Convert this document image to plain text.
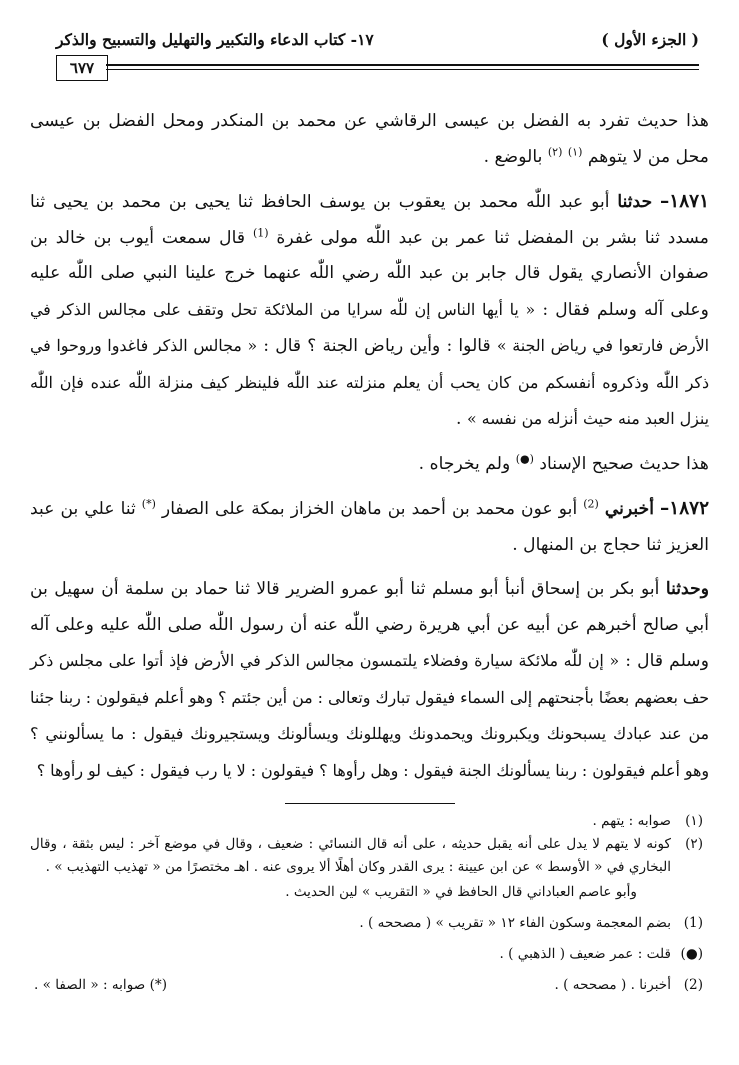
( الجزء الأول )
١٧- كتاب الدعاء والتكبير والتهليل والتسبيح والذكر
٦٧٧

هذا حديث تفرد به الفضل بن عيسى الرقاشي عن محمد بن المنكدر ومحل الفضل بن عيسى محل من لا يتوهم $^{(١)}$ $^{(٢)}$ بالوضع .

١٨٧١– حدثنا أبو عبد اللّٰه محمد بن يعقوب بن يوسف الحافظ ثنا يحيى بن محمد بن يحيى ثنا مسدد ثنا بشر بن المفضل ثنا عمر بن عبد اللّٰه مولى غفرة $^{(1)}$ قال سمعت أيوب بن خالد بن صفوان الأنصاري يقول قال جابر بن عبد اللّٰه رضي اللّٰه عنهما خرج علينا النبي صلى اللّٰه عليه وعلى آله وسلم فقال : « يا أيها الناس إن للّٰه سرايا من الملائكة تحل وتقف على مجالس الذكر في الأرض فارتعوا في رياض الجنة » قالوا : وأين رياض الجنة ؟ قال : « مجالس الذكر فاغدوا وروحوا في ذكر اللّٰه وذكروه أنفسكم من كان يحب أن يعلم منزلته عند اللّٰه فلينظر كيف منزلة اللّٰه عنده فإن اللّٰه ينزل العبد منه حيث أنزله من نفسه » .

هذا حديث صحيح الإسناد (●) ولم يخرجاه .

١٨٧٢– أخبرني $^{(2)}$ أبو عون محمد بن أحمد بن ماهان الخزاز بمكة على الصفار (*) ثنا علي بن عبد العزيز ثنا حجاج بن المنهال .

وحدثنا أبو بكر بن إسحاق أنبأ أبو مسلم ثنا أبو عمرو الضرير قالا ثنا حماد بن سلمة أن سهيل بن أبي صالح أخبرهم عن أبيه عن أبي هريرة رضي اللّٰه عنه أن رسول اللّٰه صلى اللّٰه عليه وعلى آله وسلم قال : « إن للّٰه ملائكة سيارة وفضلاء يلتمسون مجالس الذكر في الأرض فإذ أتوا على مجلس ذكر حف بعضهم بعضًا بأجنحتهم إلى السماء فيقول تبارك وتعالى : من أين جئتم ؟ وهو أعلم فيقولون : ربنا جئنا من عند عبادك يسبحونك ويكبرونك ويحمدونك ويهللونك ويسألونك ويستجيرونك فيقول : ما يسألونني ؟ وهو أعلم فيقولون : ربنا يسألونك الجنة فيقول : وهل رأوها ؟ فيقولون : لا يا رب فيقول : كيف لو رأوها ؟

(١)
صوابه : يتهم .
(٢)
كونه لا يتهم لا يدل على أنه يقبل حديثه ، على أنه قال النسائي : ضعيف ، وقال في موضع آخر : ليس بثقة ، وقال البخاري في « الأوسط » عن ابن عيينة : يرى القدر وكان أهلًا ألا يروى عنه . اهـ مختصرًا من « تهذيب التهذيب » .
وأبو عاصم العباداني قال الحافظ في « التقريب » لين الحديث .
(1)
بضم المعجمة وسكون الفاء ١٢ « تقريب » ( مصححه ) .
(●)
قلت : عمر ضعيف ( الذهبي ) .
(2)
أخبرنا . ( مصححه ) .
(*) صوابه : « الصفا » .
